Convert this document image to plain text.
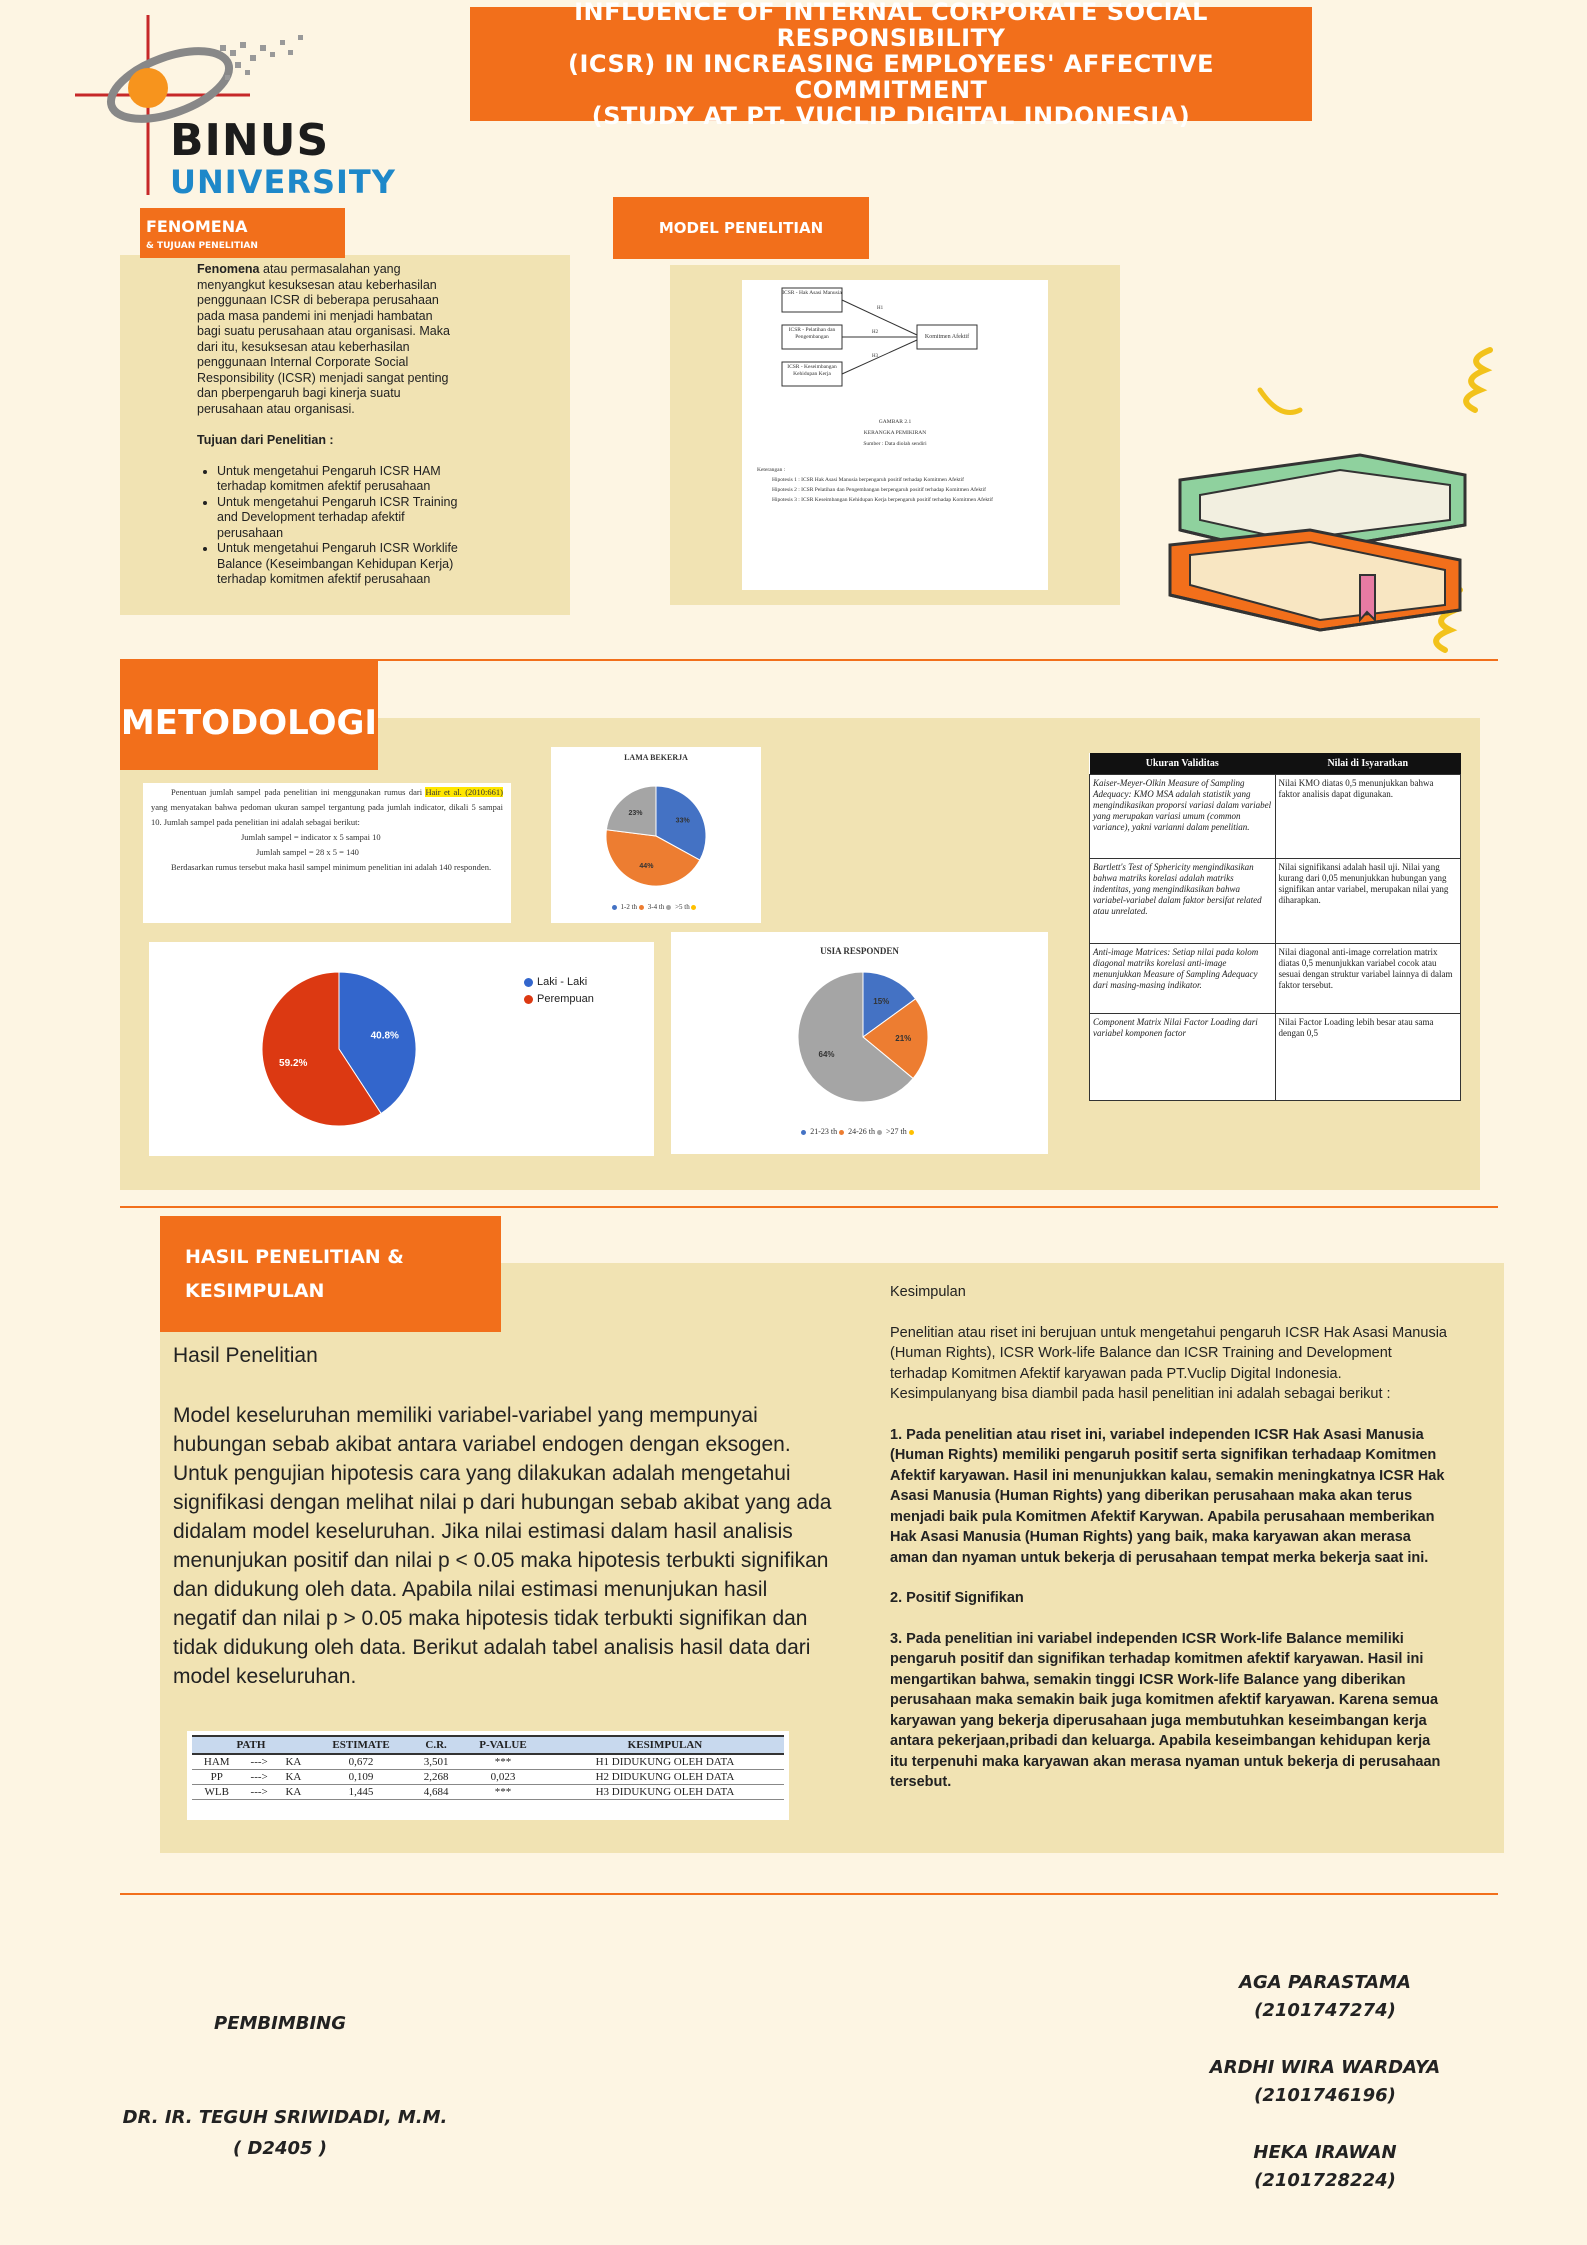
BINUS
UNIVERSITY
INFLUENCE OF INTERNAL CORPORATE SOCIAL RESPONSIBILITY
(ICSR) IN INCREASING EMPLOYEES' AFFECTIVE COMMITMENT
(STUDY AT PT. VUCLIP DIGITAL INDONESIA)
FENOMENA
& TUJUAN PENELITIAN
Fenomena atau permasalahan yang menyangkut kesuksesan atau keberhasilan penggunaan ICSR di beberapa perusahaan pada masa pandemi ini menjadi hambatan bagi suatu perusahaan atau organisasi. Maka dari itu, kesuksesan atau keberhasilan penggunaan Internal Corporate Social Responsibility (ICSR) menjadi sangat penting dan pberpengaruh bagi kinerja suatu perusahaan atau organisasi.
Tujuan dari Penelitian :
• Untuk mengetahui Pengaruh ICSR HAM terhadap komitmen afektif perusahaan
• Untuk mengetahui Pengaruh ICSR Training and Development terhadap afektif perusahaan
• Untuk mengetahui Pengaruh ICSR Worklife Balance (Keseimbangan Kehidupan Kerja) terhadap komitmen afektif perusahaan
MODEL PENELITIAN
ICSR - Hak Asasi Manusia
ICSR - Pelatihan dan Pengembangan
ICSR - Keseimbangan Kehidupan Kerja
Komitmen Afektif
H1
H2
H3
GAMBAR 2.1
KERANGKA PEMIKIRAN
Sumber : Data diolah sendiri
Keterangan :
Hipotesis 1 : ICSR Hak Asasi Manusia berpengaruh positif terhadap Komitmen Afektif
Hipotesis 2 : ICSR Pelatihan dan Pengembangan berpengaruh positif terhadap Komitmen Afektif
Hipotesis 3 : ICSR Keseimbangan Kehidupan Kerja berpengaruh positif terhadap Komitmen Afektif
METODOLOGI
Penentuan jumlah sampel pada penelitian ini menggunakan rumus dari Hair et al. (2010:661) yang menyatakan bahwa pedoman ukuran sampel tergantung pada jumlah indicator, dikali 5 sampai 10. Jumlah sampel pada penelitian ini adalah sebagai berikut:
Jumlah sampel = indicator x 5 sampai 10
Jumlah sampel = 28 x 5 = 140
Berdasarkan rumus tersebut maka hasil sampel minimum penelitian ini adalah 140 responden.
LAMA BEKERJA
33%
44%
23%
1-2 th 3-4 th >5 th
40.8%
59.2%
Laki - Laki
Perempuan
USIA RESPONDEN
15%
21%
64%
21-23 th 24-26 th >27 th
Ukuran Validitas	Nilai di Isyaratkan
Kaiser-Meyer-Olkin Measure of Sampling Adequacy: KMO MSA adalah statistik yang mengindikasikan proporsi variasi dalam variabel yang merupakan variasi umum (common variance), yakni varianni dalam penelitian.	Nilai KMO diatas 0,5 menunjukkan bahwa faktor analisis dapat digunakan.
Bartlett's Test of Sphericity mengindikasikan bahwa matriks korelasi adalah matriks indentitas, yang mengindikasikan bahwa variabel-variabel dalam faktor bersifat related atau unrelated.	Nilai signifikansi adalah hasil uji. Nilai yang kurang dari 0,05 menunjukkan hubungan yang signifikan antar variabel, merupakan nilai yang diharapkan.
Anti-image Matrices: Setiap nilai pada kolom diagonal matriks korelasi anti-image menunjukkan Measure of Sampling Adequacy dari masing-masing indikator.	Nilai diagonal anti-image correlation matrix diatas 0,5 menunjukkan variabel cocok atau sesuai dengan struktur variabel lainnya di dalam faktor tersebut.
Component Matrix Nilai Factor Loading dari variabel komponen factor	Nilai Factor Loading lebih besar atau sama dengan 0,5
HASIL PENELITIAN &
KESIMPULAN
Hasil Penelitian
Model keseluruhan memiliki variabel-variabel yang mempunyai hubungan sebab akibat antara variabel endogen dengan eksogen. Untuk pengujian hipotesis cara yang dilakukan adalah mengetahui signifikasi dengan melihat nilai p dari hubungan sebab akibat yang ada didalam model keseluruhan. Jika nilai estimasi dalam hasil analisis menunjukan positif dan nilai p < 0.05 maka hipotesis terbukti signifikan dan didukung oleh data. Apabila nilai estimasi menunjukan hasil negatif dan nilai p > 0.05 maka hipotesis tidak terbukti signifikan dan tidak didukung oleh data. Berikut adalah tabel analisis hasil data dari model keseluruhan.
PATH			ESTIMATE	C.R.	P-VALUE	KESIMPULAN
HAM	--->	KA	0,672	3,501	***	H1 DIDUKUNG OLEH DATA
PP	--->	KA	0,109	2,268	0,023	H2 DIDUKUNG OLEH DATA
WLB	--->	KA	1,445	4,684	***	H3 DIDUKUNG OLEH DATA
Kesimpulan
Penelitian atau riset ini berujuan untuk mengetahui pengaruh ICSR Hak Asasi Manusia (Human Rights), ICSR Work-life Balance dan ICSR Training and Development terhadap Komitmen Afektif karyawan pada PT.Vuclip Digital Indonesia. Kesimpulanyang bisa diambil pada hasil penelitian ini adalah sebagai berikut :
1. Pada penelitian atau riset ini, variabel independen ICSR Hak Asasi Manusia (Human Rights) memiliki pengaruh positif serta signifikan terhadaap Komitmen Afektif karyawan. Hasil ini menunjukkan kalau, semakin meningkatnya ICSR Hak Asasi Manusia (Human Rights) yang diberikan perusahaan maka akan terus menjadi baik pula Komitmen Afektif Karywan. Apabila perusahaan memberikan Hak Asasi Manusia (Human Rights) yang baik, maka karyawan akan merasa aman dan nyaman untuk bekerja di perusahaan tempat merka bekerja saat ini.
2. Positif Signifikan
3. Pada penelitian ini variabel independen ICSR Work-life Balance memiliki pengaruh positif dan signifikan terhadap komitmen afektif karyawan. Hasil ini mengartikan bahwa, semakin tinggi ICSR Work-life Balance yang diberikan perusahaan maka semakin baik juga komitmen afektif karyawan. Karena semua karyawan yang bekerja diperusahaan juga membutuhkan keseimbangan kerja antara pekerjaan,pribadi dan keluarga. Apabila keseimbangan kehidupan kerja itu terpenuhi maka karyawan akan merasa nyaman untuk bekerja di perusahaan tersebut.
PEMBIMBING
DR. IR. TEGUH SRIWIDADI, M.M.
( D2405 )
AGA PARASTAMA
(2101747274)
ARDHI WIRA WARDAYA
(2101746196)
HEKA IRAWAN
(2101728224)
